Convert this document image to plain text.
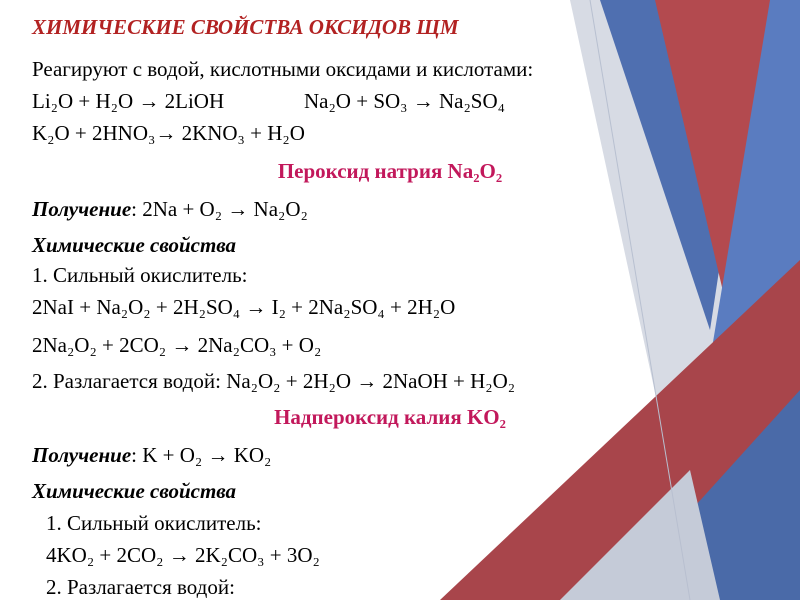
ХИМИЧЕСКИЕ СВОЙСТВА ОКСИДОВ ЩМ
Реагируют с водой, кислотными оксидами и кислотами:
Li₂O + H₂O → 2LiOH	Na₂O + SO₃ → Na₂SO₄
K₂O + 2HNO₃→ 2KNO₃ + H₂O
Пероксид натрия Na₂O₂
Получение: 2Na + O₂ → Na₂O₂
Химические свойства
1. Сильный окислитель:
2NaI + Na₂O₂ + 2H₂SO₄ → I₂ + 2Na₂SO₄ + 2H₂O
2Na₂O₂ + 2CO₂ → 2Na₂CO₃ + O₂
2. Разлагается водой: Na₂O₂ + 2H₂O → 2NaOH + H₂O₂
Надпероксид калия KO₂
Получение: K + O₂ → KO₂
Химические свойства
1. Сильный окислитель:
4KO₂ + 2CO₂ → 2K₂CO₃ + 3O₂
2. Разлагается водой:
